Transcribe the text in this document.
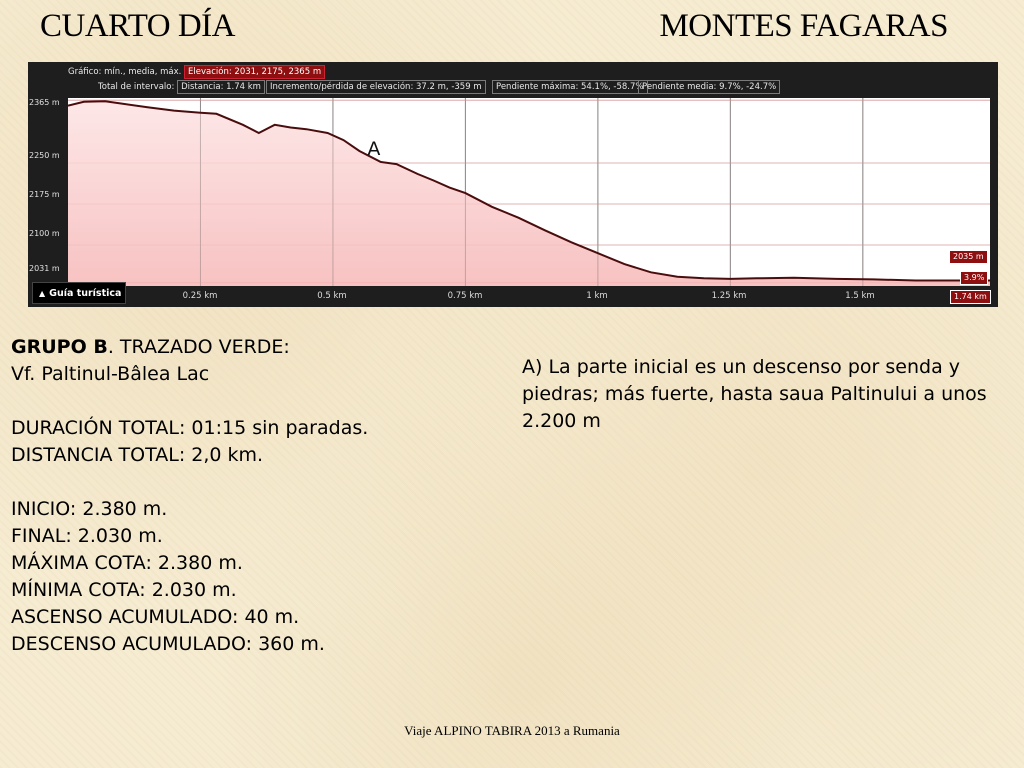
CUARTO DÍA	MONTES FAGARAS
Gráfico: mín., media, máx. Elevación: 2031, 2175, 2365 m
Total de intervalo: Distancia: 1.74 km	Incremento/pérdida de elevación: 37.2 m, -359 m	Pendiente máxima: 54.1%, -58.7%
Pendiente media: 9.7%, -24.7%
2365 m
2250 m
2175 m
2100 m
2031 m
A
0.25 km	0.5 km	0.75 km	1 km	1.25 km	1.5 km
2035 m
3.9%
1.74 km
▲ Guía turística
GRUPO B. TRAZADO VERDE:
Vf. Paltinul-Bâlea Lac
DURACIÓN TOTAL: 01:15 sin paradas.
DISTANCIA TOTAL: 2,0 km.
INICIO: 2.380 m.
FINAL: 2.030 m.
MÁXIMA COTA: 2.380 m.
MÍNIMA COTA: 2.030 m.
ASCENSO ACUMULADO: 40 m.
DESCENSO ACUMULADO: 360 m.
A) La parte inicial es un descenso por senda y piedras; más fuerte, hasta saua Paltinului a unos 2.200 m
Viaje ALPINO TABIRA 2013 a Rumania
